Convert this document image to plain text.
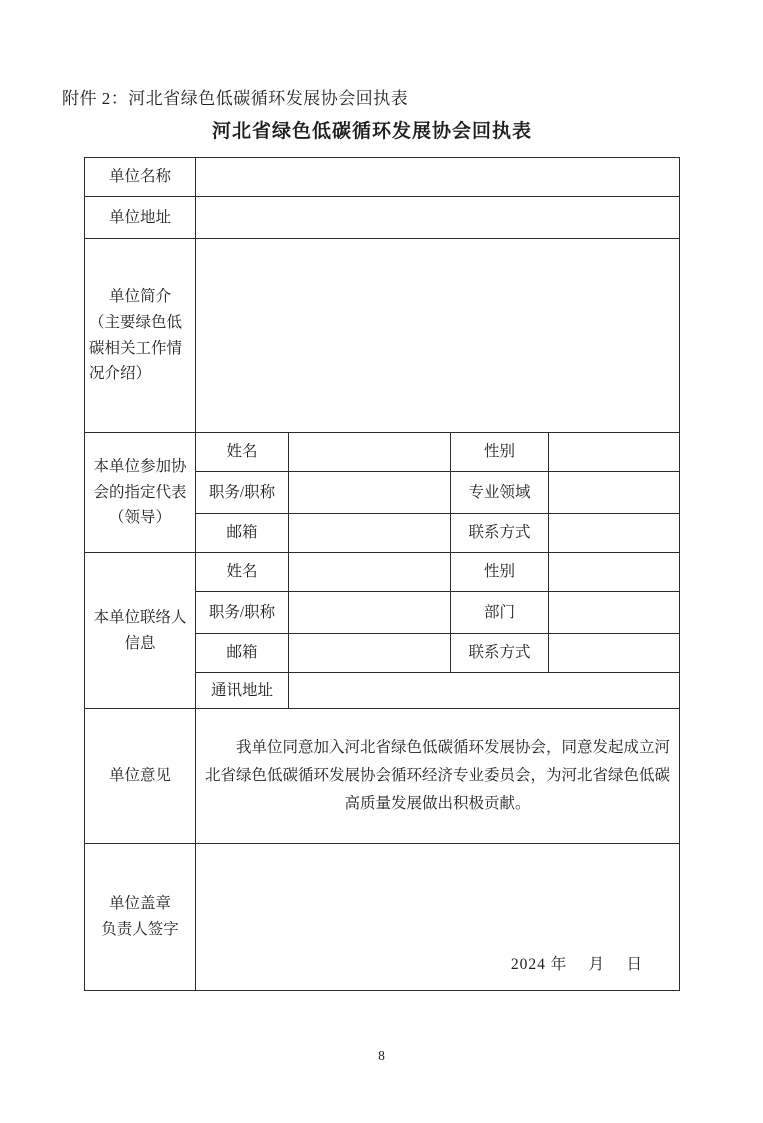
附件 2：河北省绿色低碳循环发展协会回执表
河北省绿色低碳循环发展协会回执表
单位名称				
单位地址				

单位简介
（主要绿色低碳相关工作情况介绍）				

本单位参加协会的指定代表（领导）	姓名		性别	
	职务/职称		专业领域	
	邮箱		联系方式	
本单位联络人信息	姓名		性别	
	职务/职称		部门	
	邮箱		联系方式	
	通讯地址			
单位意见	我单位同意加入河北省绿色低碳循环发展协会，同意发起成立河北省绿色低碳循环发展协会循环经济专业委员会，为河北省绿色低碳高质量发展做出积极贡献。			

单位盖章
负责人签字	2024 年　 月　 日			
8
